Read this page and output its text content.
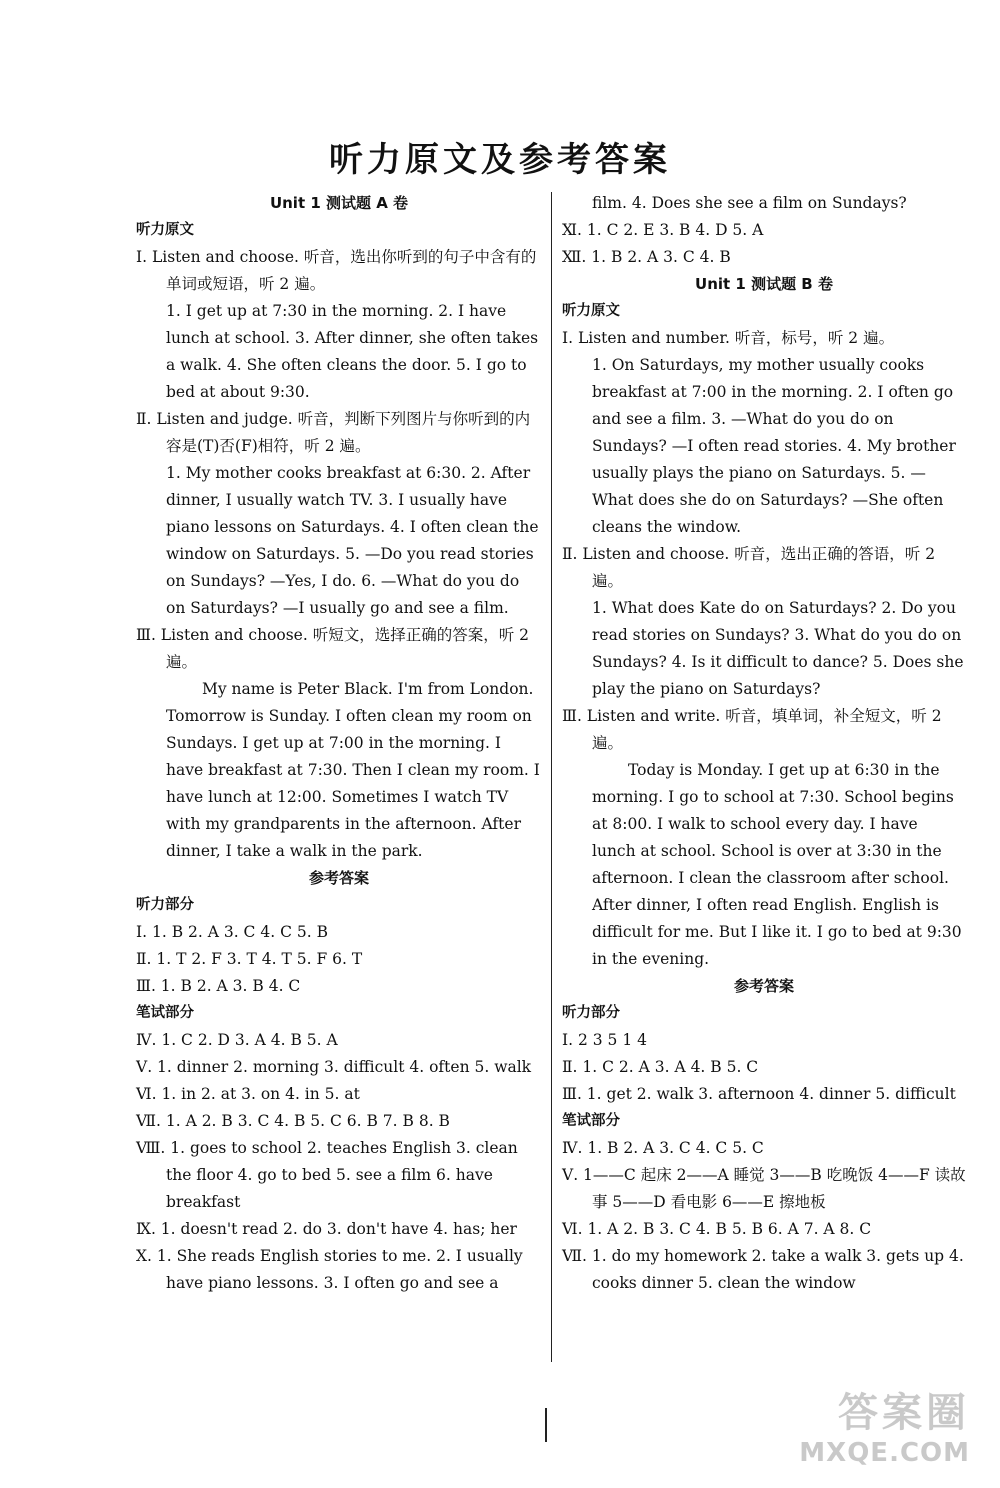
听力原文及参考答案
Unit 1 测试题 A 卷
听力原文
Ⅰ. Listen and choose. 听音，选出你听到的句子中含有的单词或短语，听 2 遍。
1. I get up at 7:30 in the morning. 2. I have lunch at school. 3. After dinner, she often takes a walk. 4. She often cleans the door. 5. I go to bed at about 9:30.
Ⅱ. Listen and judge. 听音，判断下列图片与你听到的内容是(T)否(F)相符，听 2 遍。
1. My mother cooks breakfast at 6:30. 2. After dinner, I usually watch TV. 3. I usually have piano lessons on Saturdays. 4. I often clean the window on Saturdays. 5. —Do you read stories on Sundays? —Yes, I do. 6. —What do you do on Saturdays? —I usually go and see a film.
Ⅲ. Listen and choose. 听短文，选择正确的答案，听 2 遍。
My name is Peter Black. I'm from London. Tomorrow is Sunday. I often clean my room on Sundays. I get up at 7:00 in the morning. I have breakfast at 7:30. Then I clean my room. I have lunch at 12:00. Sometimes I watch TV with my grandparents in the afternoon. After dinner, I take a walk in the park.
参考答案
听力部分
Ⅰ. 1. B 2. A 3. C 4. C 5. B
Ⅱ. 1. T 2. F 3. T 4. T 5. F 6. T
Ⅲ. 1. B 2. A 3. B 4. C
笔试部分
Ⅳ. 1. C 2. D 3. A 4. B 5. A
Ⅴ. 1. dinner 2. morning 3. difficult 4. often 5. walk
Ⅵ. 1. in 2. at 3. on 4. in 5. at
Ⅶ. 1. A 2. B 3. C 4. B 5. C 6. B 7. B 8. B
Ⅷ. 1. goes to school 2. teaches English 3. clean the floor 4. go to bed 5. see a film 6. have breakfast
Ⅸ. 1. doesn't read 2. do 3. don't have 4. has; her
Ⅹ. 1. She reads English stories to me. 2. I usually have piano lessons. 3. I often go and see a
film. 4. Does she see a film on Sundays?
Ⅺ. 1. C 2. E 3. B 4. D 5. A
Ⅻ. 1. B 2. A 3. C 4. B
Unit 1 测试题 B 卷
听力原文
Ⅰ. Listen and number. 听音，标号，听 2 遍。
1. On Saturdays, my mother usually cooks breakfast at 7:00 in the morning. 2. I often go and see a film. 3. —What do you do on Sundays? —I often read stories. 4. My brother usually plays the piano on Saturdays. 5. —What does she do on Saturdays? —She often cleans the window.
Ⅱ. Listen and choose. 听音，选出正确的答语，听 2 遍。
1. What does Kate do on Saturdays? 2. Do you read stories on Sundays? 3. What do you do on Sundays? 4. Is it difficult to dance? 5. Does she play the piano on Saturdays?
Ⅲ. Listen and write. 听音，填单词，补全短文，听 2 遍。
Today is Monday. I get up at 6:30 in the morning. I go to school at 7:30. School begins at 8:00. I walk to school every day. I have lunch at school. School is over at 3:30 in the afternoon. I clean the classroom after school. After dinner, I often read English. English is difficult for me. But I like it. I go to bed at 9:30 in the evening.
参考答案
听力部分
Ⅰ. 2 3 5 1 4
Ⅱ. 1. C 2. A 3. A 4. B 5. C
Ⅲ. 1. get 2. walk 3. afternoon 4. dinner 5. difficult
笔试部分
Ⅳ. 1. B 2. A 3. C 4. C 5. C
Ⅴ. 1——C 起床 2——A 睡觉 3——B 吃晚饭 4——F 读故事 5——D 看电影 6——E 擦地板
Ⅵ. 1. A 2. B 3. C 4. B 5. B 6. A 7. A 8. C
Ⅶ. 1. do my homework 2. take a walk 3. gets up 4. cooks dinner 5. clean the window
答案圈
MXQE.COM
